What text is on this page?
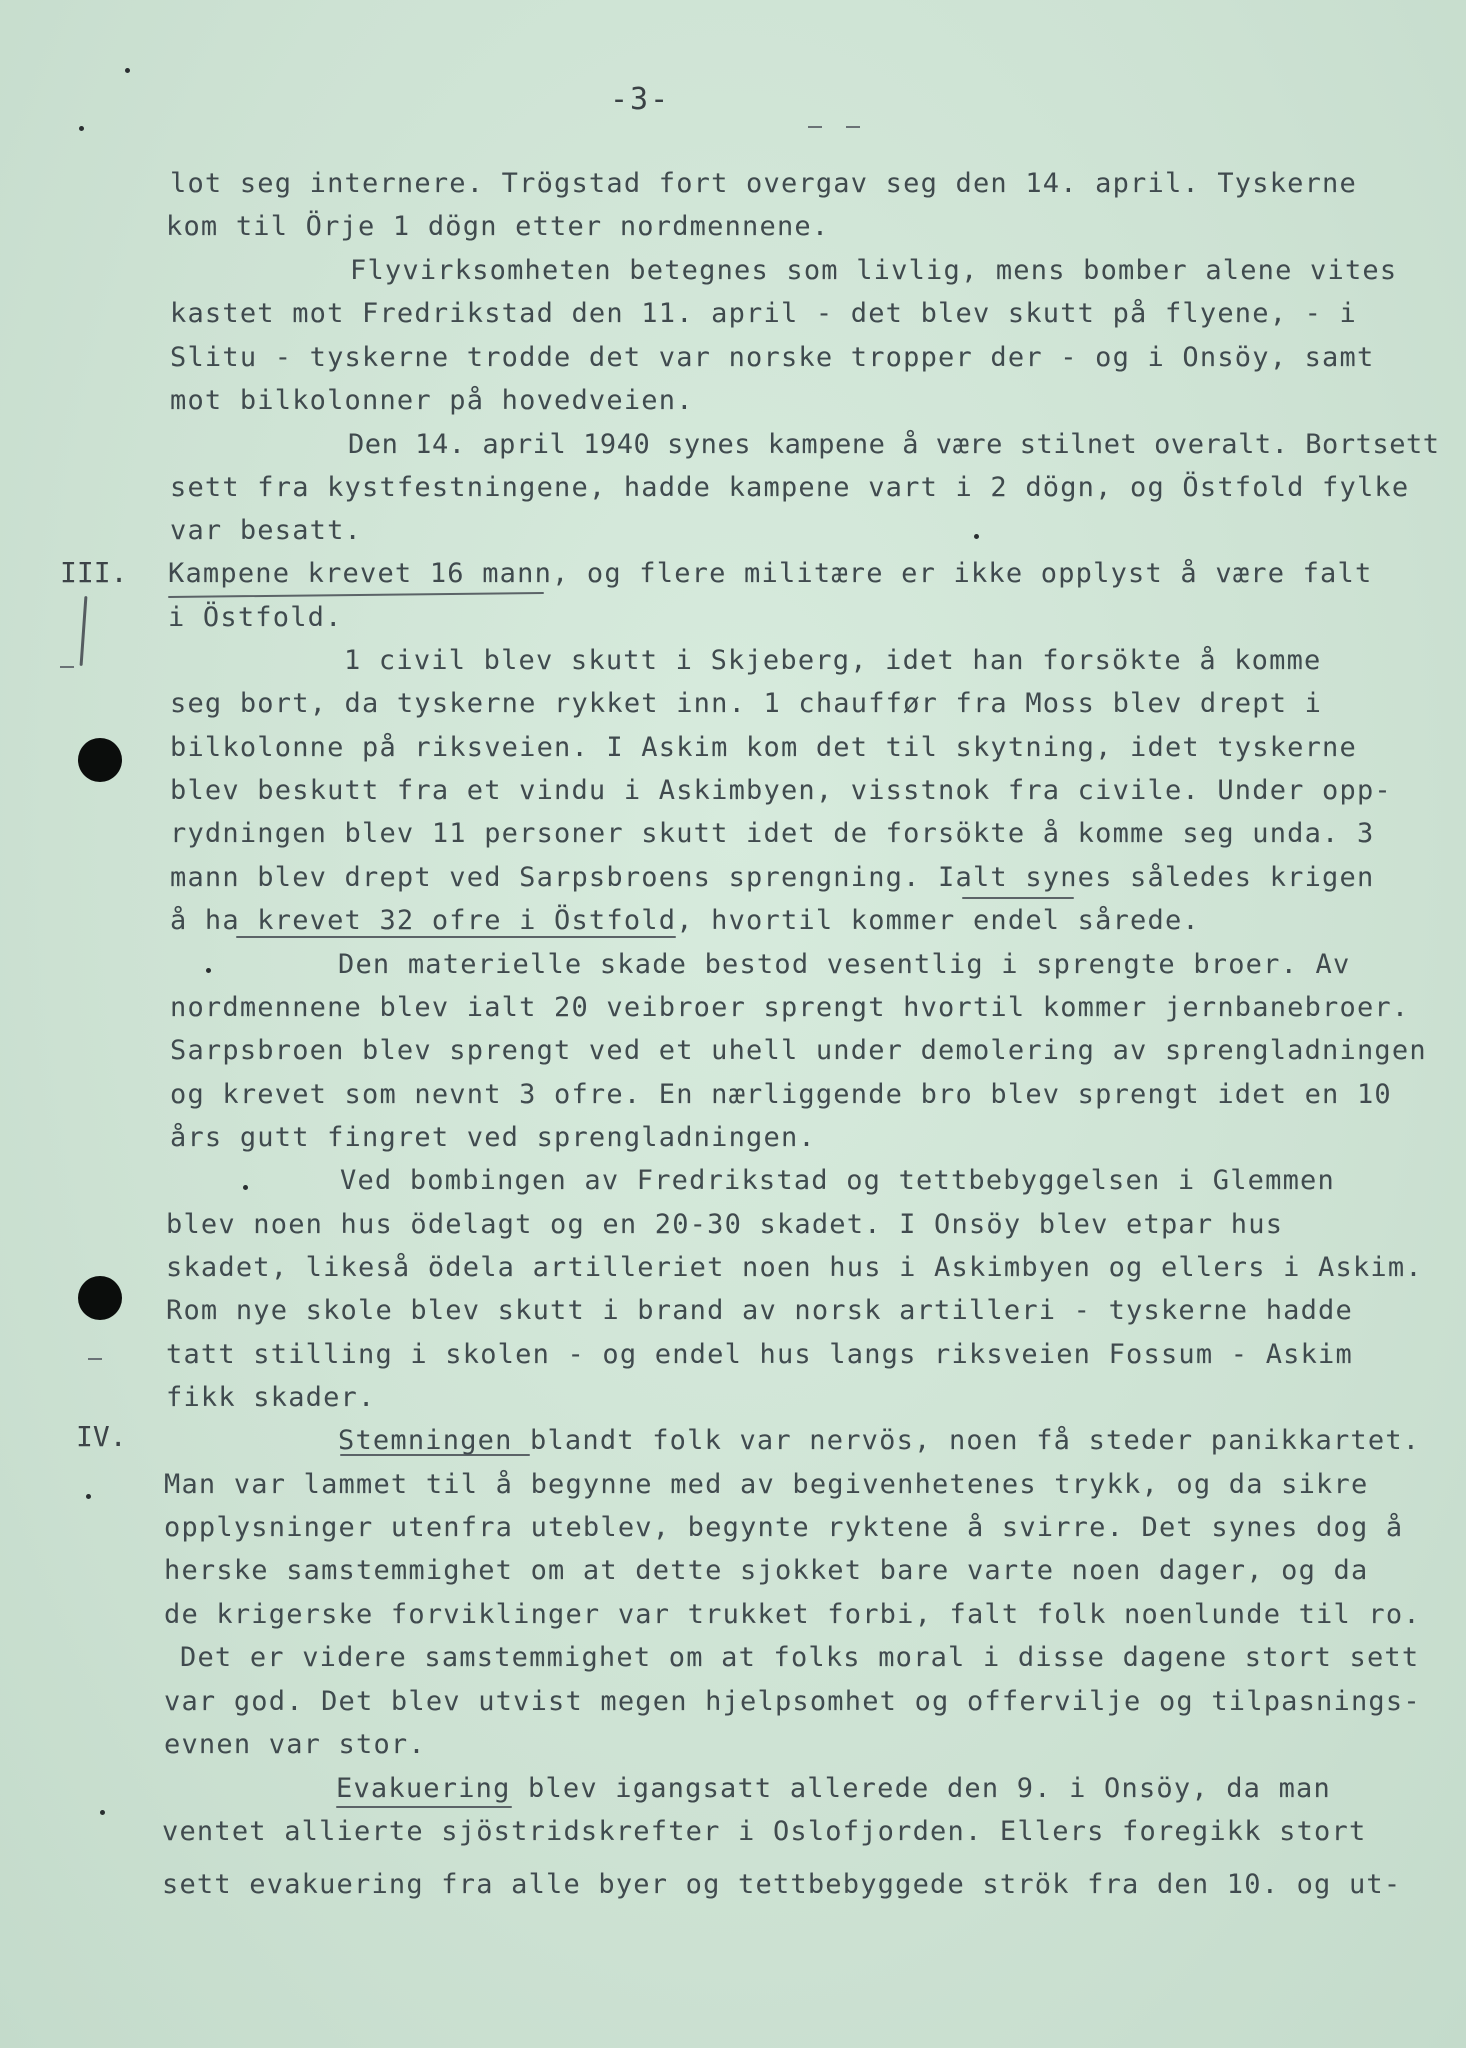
-3-
III.
IV.
lot seg internere. Trögstad fort overgav seg den 14. april. Tyskerne
kom til Örje 1 dögn etter nordmennene.
Flyvirksomheten betegnes som livlig, mens bomber alene vites
kastet mot Fredrikstad den 11. april - det blev skutt på flyene, - i
Slitu - tyskerne trodde det var norske tropper der - og i Onsöy, samt
mot bilkolonner på hovedveien.
Den 14. april 1940 synes kampene å være stilnet overalt. Bortsett
sett fra kystfestningene, hadde kampene vart i 2 dögn, og Östfold fylke
var besatt.
Kampene krevet 16 mann, og flere militære er ikke opplyst å være falt
i Östfold.
1 civil blev skutt i Skjeberg, idet han forsökte å komme
seg bort, da tyskerne rykket inn. 1 chauffør fra Moss blev drept i
bilkolonne på riksveien. I Askim kom det til skytning, idet tyskerne
blev beskutt fra et vindu i Askimbyen, visstnok fra civile. Under opp-
rydningen blev 11 personer skutt idet de forsökte å komme seg unda. 3
mann blev drept ved Sarpsbroens sprengning. Ialt synes således krigen
å ha krevet 32 ofre i Östfold, hvortil kommer endel sårede.
Den materielle skade bestod vesentlig i sprengte broer. Av
nordmennene blev ialt 20 veibroer sprengt hvortil kommer jernbanebroer.
Sarpsbroen blev sprengt ved et uhell under demolering av sprengladningen
og krevet som nevnt 3 ofre. En nærliggende bro blev sprengt idet en 10
års gutt fingret ved sprengladningen.
Ved bombingen av Fredrikstad og tettbebyggelsen i Glemmen
blev noen hus ödelagt og en 20-30 skadet. I Onsöy blev etpar hus
skadet, likeså ödela artilleriet noen hus i Askimbyen og ellers i Askim.
Rom nye skole blev skutt i brand av norsk artilleri - tyskerne hadde
tatt stilling i skolen - og endel hus langs riksveien Fossum - Askim
fikk skader.
Stemningen blandt folk var nervös, noen få steder panikkartet.
Man var lammet til å begynne med av begivenhetenes trykk, og da sikre
opplysninger utenfra uteblev, begynte ryktene å svirre. Det synes dog å
herske samstemmighet om at dette sjokket bare varte noen dager, og da
de krigerske forviklinger var trukket forbi, falt folk noenlunde til ro.
Det er videre samstemmighet om at folks moral i disse dagene stort sett
var god. Det blev utvist megen hjelpsomhet og offervilje og tilpasnings-
evnen var stor.
Evakuering blev igangsatt allerede den 9. i Onsöy, da man
ventet allierte sjöstridskrefter i Oslofjorden. Ellers foregikk stort
sett evakuering fra alle byer og tettbebyggede strök fra den 10. og ut-
